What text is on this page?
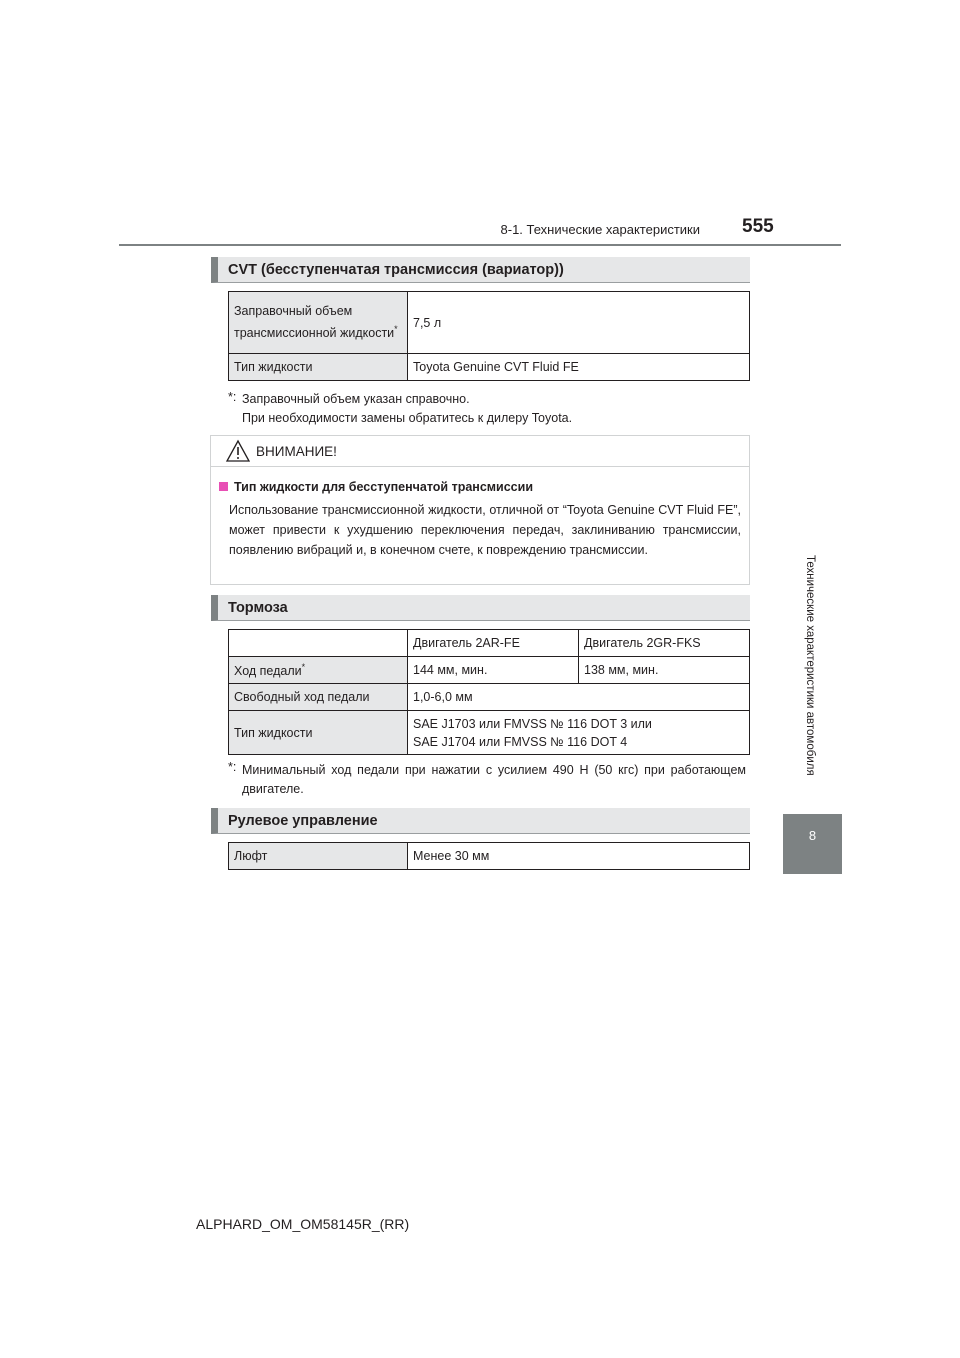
8-1. Технические характеристики 555
Технические характеристики автомобиля
8
CVT (бесступенчатая трансмиссия (вариатор))
Заправочный объем трансмиссионной жидкости*	7,5 л
Тип жидкости	Toyota Genuine CVT Fluid FE
*: Заправочный объем указан справочно.
При необходимости замены обратитесь к дилеру Toyota.
ВНИМАНИЕ!
Тип жидкости для бесступенчатой трансмиссии
Использование трансмиссионной жидкости, отличной от “Toyota Genuine CVT Fluid FE”, может привести к ухудшению переключения передач, заклиниванию трансмиссии, появлению вибраций и, в конечном счете, к повреждению трансмиссии.
Тормоза
	Двигатель 2AR-FE	Двигатель 2GR-FKS
Ход педали*	144 мм, мин.	138 мм, мин.
Свободный ход педали	1,0-6,0 мм	
Тип жидкости	SAE J1703 или FMVSS № 116 DOT 3 или
SAE J1704 или FMVSS № 116 DOT 4	
*: Минимальный ход педали при нажатии с усилием 490 Н (50 кгс) при работающем двигателе.
Рулевое управление
Люфт	Менее 30 мм
ALPHARD_OM_OM58145R_(RR)
